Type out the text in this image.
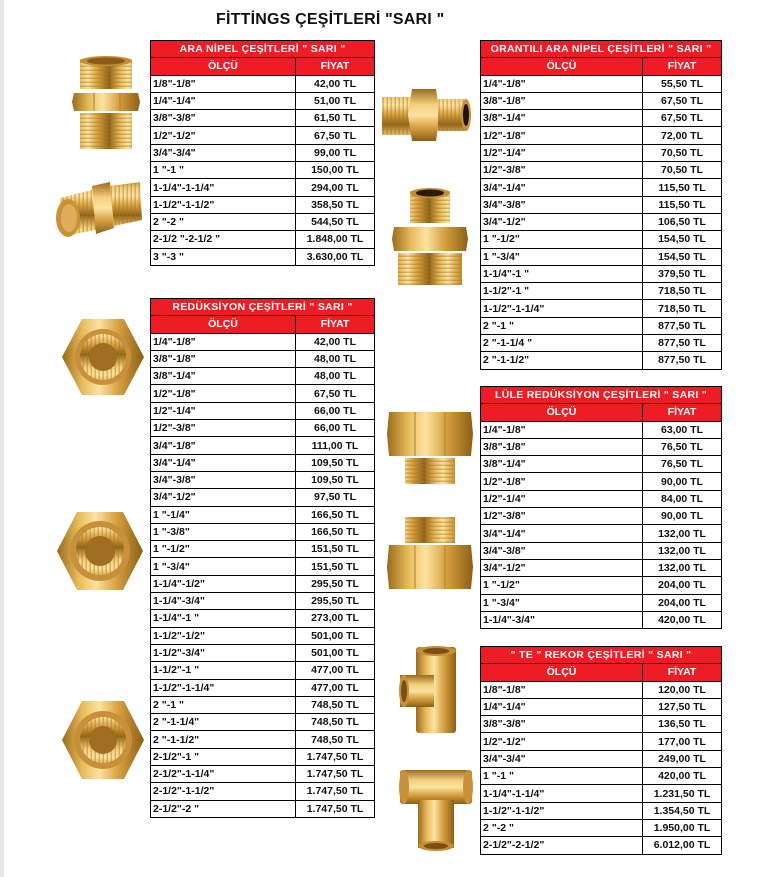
FİTTİNGS ÇEŞİTLERİ "SARI "
ARA NİPEL ÇEŞİTLERİ " SARI "	
ÖLÇÜ	FİYAT
1/8"-1/8"	42,00 TL
1/4"-1/4"	51,00 TL
3/8"-3/8"	61,50 TL
1/2"-1/2"	67,50 TL
3/4"-3/4"	99,00 TL
1 "-1 "	150,00 TL
1-1/4"-1-1/4"	294,00 TL
1-1/2"-1-1/2"	358,50 TL
2 "-2 "	544,50 TL
2-1/2 "-2-1/2 "	1.848,00 TL
3 "-3 "	3.630,00 TL
REDÜKSİYON ÇEŞİTLERİ " SARI "	
ÖLÇÜ	FİYAT
1/4"-1/8"	42,00 TL
3/8"-1/8"	48,00 TL
3/8"-1/4"	48,00 TL
1/2"-1/8"	67,50 TL
1/2"-1/4"	66,00 TL
1/2"-3/8"	66,00 TL
3/4"-1/8"	111,00 TL
3/4"-1/4"	109,50 TL
3/4"-3/8"	109,50 TL
3/4"-1/2"	97,50 TL
1 "-1/4"	166,50 TL
1 "-3/8"	166,50 TL
1 "-1/2"	151,50 TL
1 "-3/4"	151,50 TL
1-1/4"-1/2"	295,50 TL
1-1/4"-3/4"	295,50 TL
1-1/4"-1 "	273,00 TL
1-1/2"-1/2"	501,00 TL
1-1/2"-3/4"	501,00 TL
1-1/2"-1 "	477,00 TL
1-1/2"-1-1/4"	477,00 TL
2 "-1 "	748,50 TL
2 "-1-1/4"	748,50 TL
2 "-1-1/2"	748,50 TL
2-1/2"-1 "	1.747,50 TL
2-1/2"-1-1/4"	1.747,50 TL
2-1/2"-1-1/2"	1.747,50 TL
2-1/2"-2 "	1.747,50 TL
ORANTILI ARA NİPEL ÇEŞİTLERİ " SARI "	
ÖLÇÜ	FİYAT
1/4"-1/8"	55,50 TL
3/8"-1/8"	67,50 TL
3/8"-1/4"	67,50 TL
1/2"-1/8"	72,00 TL
1/2"-1/4"	70,50 TL
1/2"-3/8"	70,50 TL
3/4"-1/4"	115,50 TL
3/4"-3/8"	115,50 TL
3/4"-1/2"	106,50 TL
1 "-1/2"	154,50 TL
1 "-3/4"	154,50 TL
1-1/4"-1 "	379,50 TL
1-1/2"-1 "	718,50 TL
1-1/2"-1-1/4"	718,50 TL
2 "-1 "	877,50 TL
2 "-1-1/4 "	877,50 TL
2 "-1-1/2"	877,50 TL
LÜLE REDÜKSİYON ÇEŞİTLERİ " SARI "	
ÖLÇÜ	FİYAT
1/4"-1/8"	63,00 TL
3/8"-1/8"	76,50 TL
3/8"-1/4"	76,50 TL
1/2"-1/8"	90,00 TL
1/2"-1/4"	84,00 TL
1/2"-3/8"	90,00 TL
3/4"-1/4"	132,00 TL
3/4"-3/8"	132,00 TL
3/4"-1/2"	132,00 TL
1 "-1/2"	204,00 TL
1 "-3/4"	204,00 TL
1-1/4"-3/4"	420,00 TL
" TE " REKOR ÇEŞİTLERİ " SARI "	
ÖLÇÜ	FİYAT
1/8"-1/8"	120,00 TL
1/4"-1/4"	127,50 TL
3/8"-3/8"	136,50 TL
1/2"-1/2"	177,00 TL
3/4"-3/4"	249,00 TL
1 "-1 "	420,00 TL
1-1/4"-1-1/4"	1.231,50 TL
1-1/2"-1-1/2"	1.354,50 TL
2 "-2 "	1.950,00 TL
2-1/2"-2-1/2"	6.012,00 TL
